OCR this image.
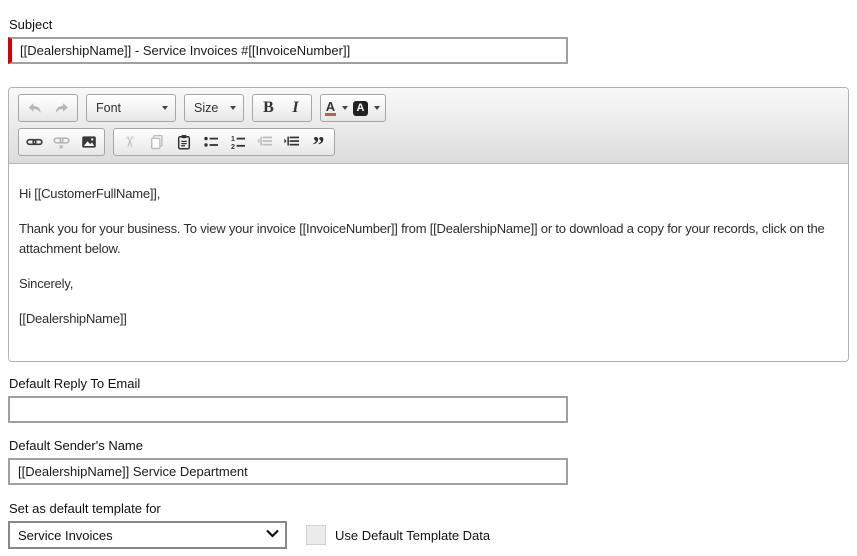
Subject
[[DealershipName]] - Service Invoices #[[InvoiceNumber]]
Font	Size	B I A	A
✂	1
2	”

Hi [[CustomerFullName]],

Thank you for your business. To view your invoice [[InvoiceNumber]] from [[DealershipName]] or to download a copy for your records, click on the attachment below.

Sincerely,

[[DealershipName]]

Default Reply To Email
Default Sender's Name
[[DealershipName]] Service Department
Set as default template for
Service Invoices
Use Default Template Data
